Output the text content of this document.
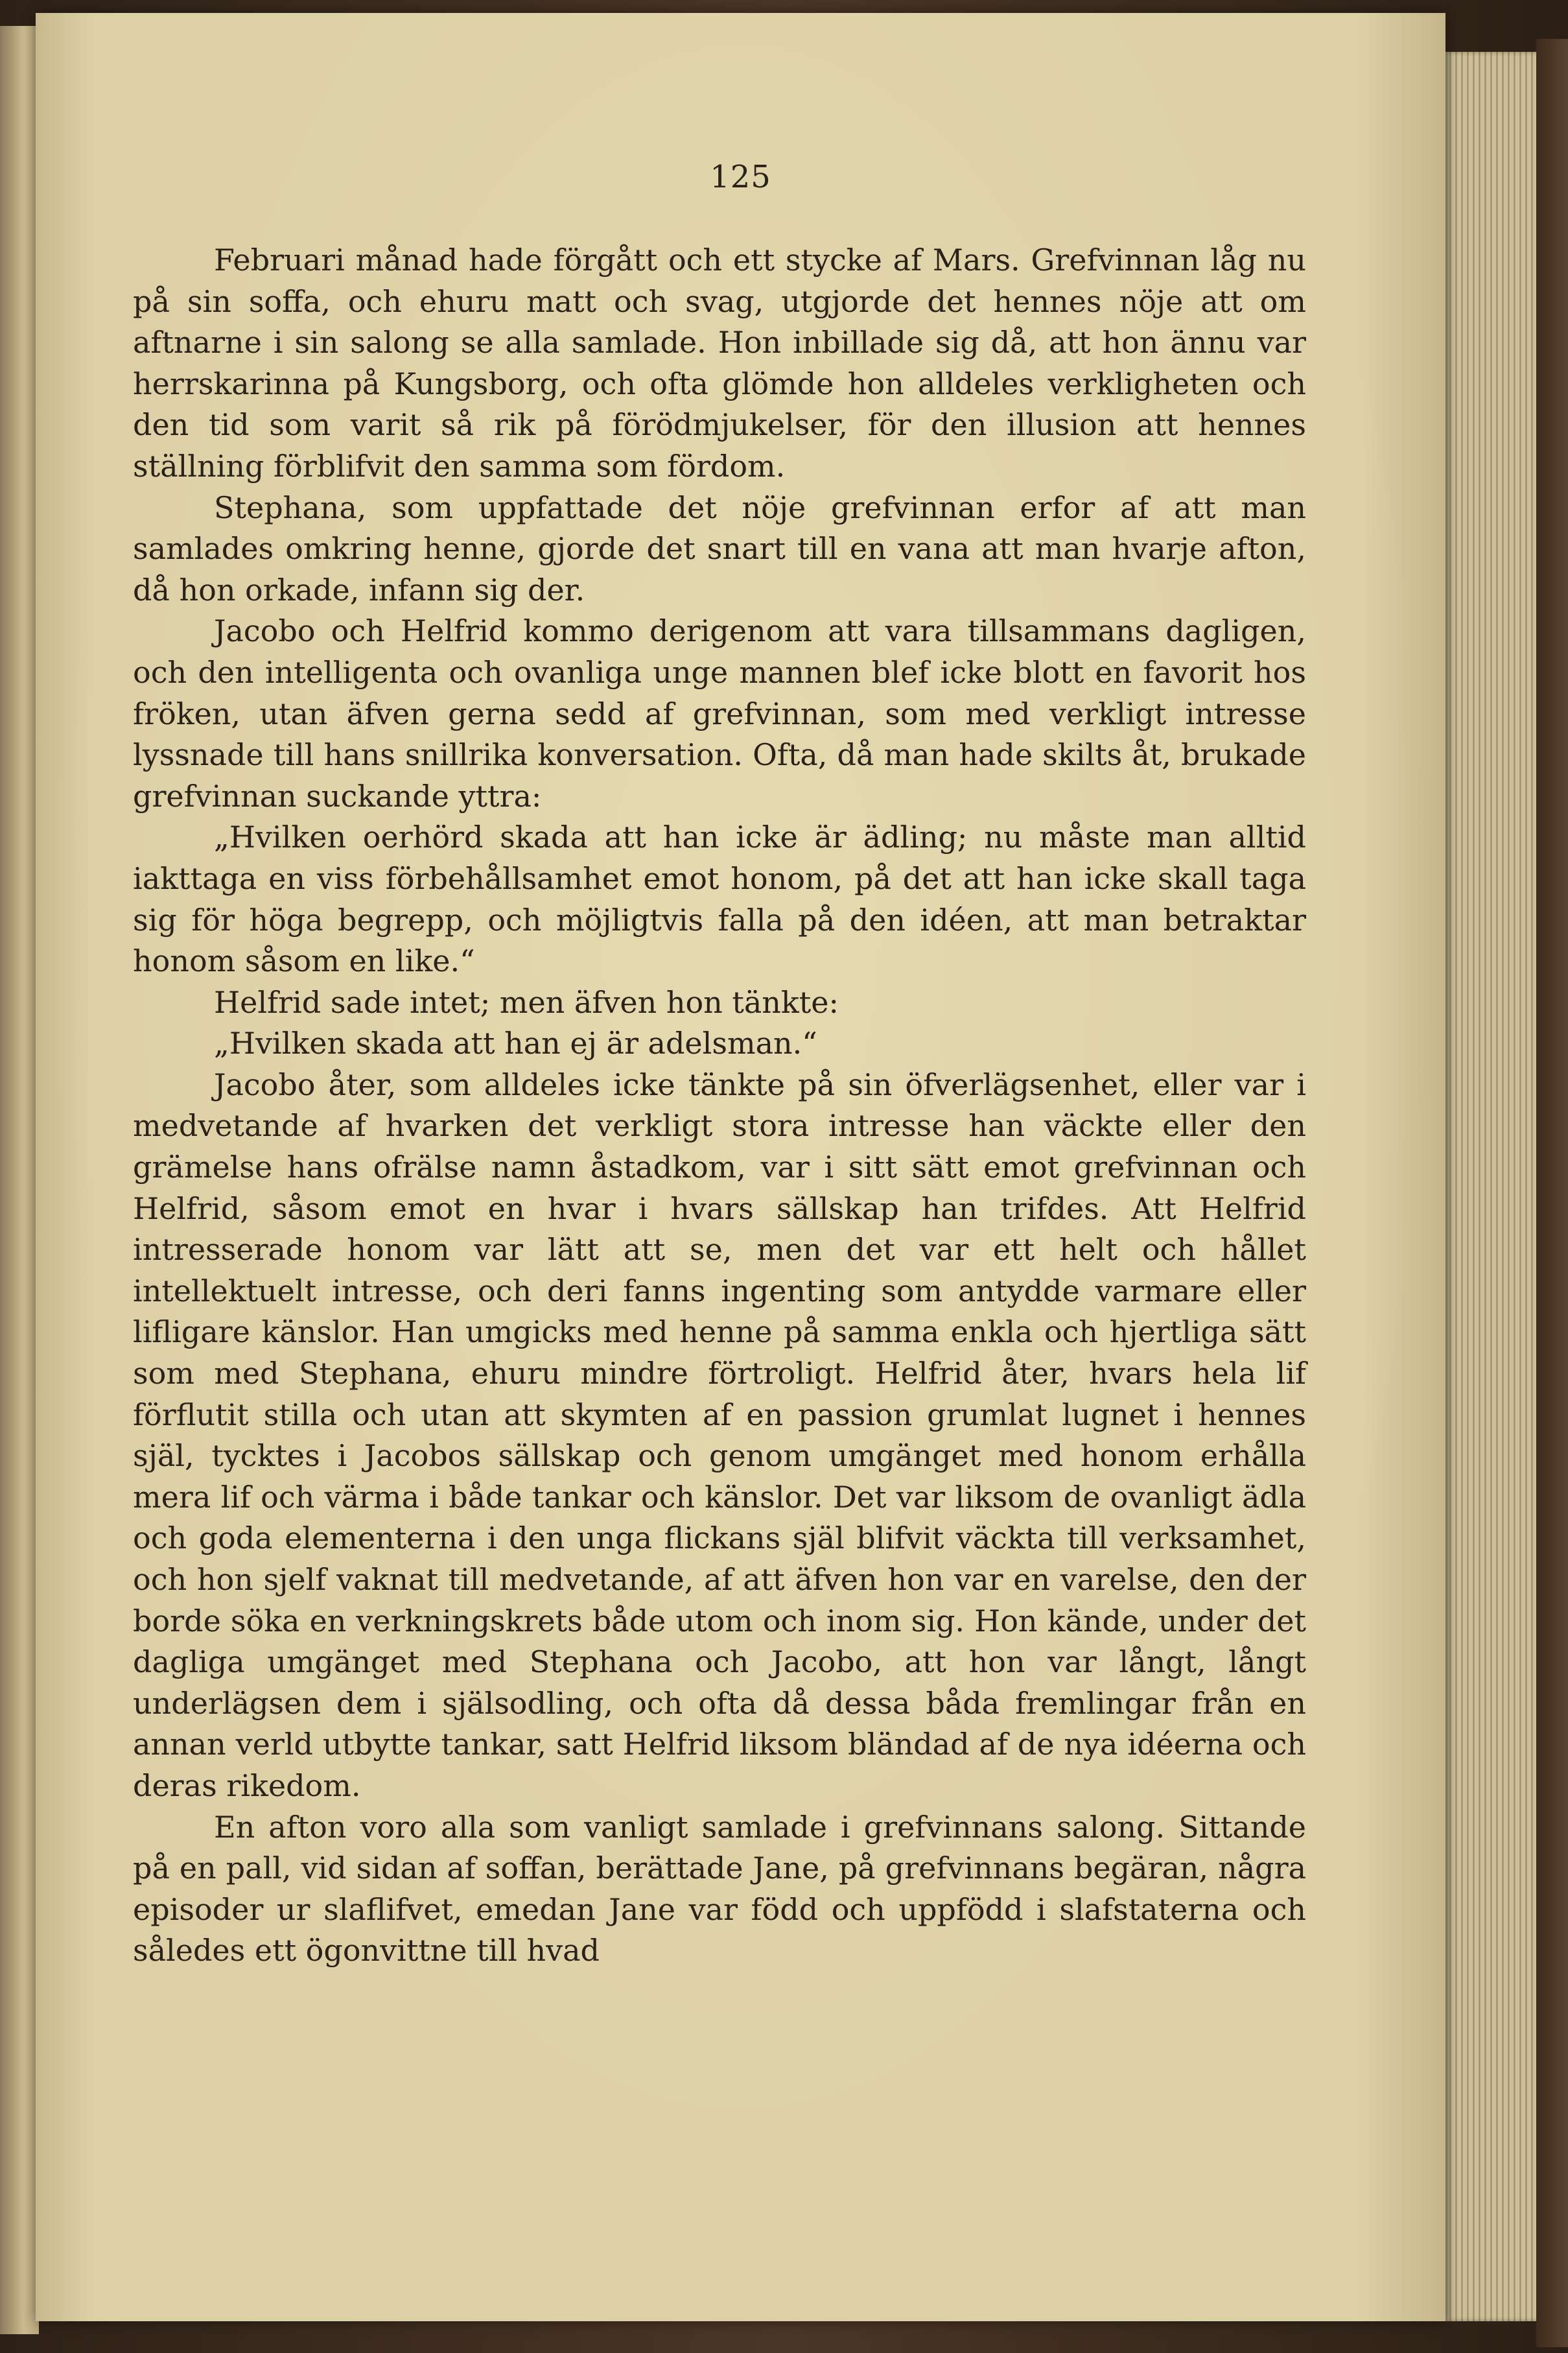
125

Februari månad hade förgått och ett stycke af Mars. Grefvinnan låg nu på sin soffa, och ehuru matt och svag, utgjorde det hennes nöje att om aftnarne i sin salong se alla samlade. Hon inbillade sig då, att hon ännu var herrskarinna på Kungsborg, och ofta glömde hon alldeles verkligheten och den tid som varit så rik på förödmjukelser, för den illusion att hennes ställning förblifvit den samma som fördom.

Stephana, som uppfattade det nöje grefvinnan erfor af att man samlades omkring henne, gjorde det snart till en vana att man hvarje afton, då hon orkade, infann sig der.

Jacobo och Helfrid kommo derigenom att vara tillsammans dagligen, och den intelligenta och ovanliga unge mannen blef icke blott en favorit hos fröken, utan äfven gerna sedd af grefvinnan, som med verkligt intresse lyssnade till hans snillrika konversation. Ofta, då man hade skilts åt, brukade grefvinnan suckande yttra:

„Hvilken oerhörd skada att han icke är ädling; nu måste man alltid iakttaga en viss förbehållsamhet emot honom, på det att han icke skall taga sig för höga begrepp, och möjligtvis falla på den idéen, att man betraktar honom såsom en like.“

Helfrid sade intet; men äfven hon tänkte:

„Hvilken skada att han ej är adelsman.“

Jacobo åter, som alldeles icke tänkte på sin öfverlägsenhet, eller var i medvetande af hvarken det verkligt stora intresse han väckte eller den grämelse hans ofrälse namn åstadkom, var i sitt sätt emot grefvinnan och Helfrid, såsom emot en hvar i hvars sällskap han trifdes. Att Helfrid intresserade honom var lätt att se, men det var ett helt och hållet intellektuelt intresse, och deri fanns ingenting som antydde varmare eller lifligare känslor. Han umgicks med henne på samma enkla och hjertliga sätt som med Stephana, ehuru mindre förtroligt. Helfrid åter, hvars hela lif förflutit stilla och utan att skymten af en passion grumlat lugnet i hennes själ, tycktes i Jacobos sällskap och genom umgänget med honom erhålla mera lif och värma i både tankar och känslor. Det var liksom de ovanligt ädla och goda elementerna i den unga flickans själ blifvit väckta till verksamhet, och hon sjelf vaknat till medvetande, af att äfven hon var en varelse, den der borde söka en verkningskrets både utom och inom sig. Hon kände, under det dagliga umgänget med Stephana och Jacobo, att hon var långt, långt underlägsen dem i själsodling, och ofta då dessa båda fremlingar från en annan verld utbytte tankar, satt Helfrid liksom bländad af de nya idéerna och deras rikedom.

En afton voro alla som vanligt samlade i grefvinnans salong. Sittande på en pall, vid sidan af soffan, berättade Jane, på grefvinnans begäran, några episoder ur slaflifvet, emedan Jane var född och uppfödd i slafstaterna och således ett ögonvittne till hvad
